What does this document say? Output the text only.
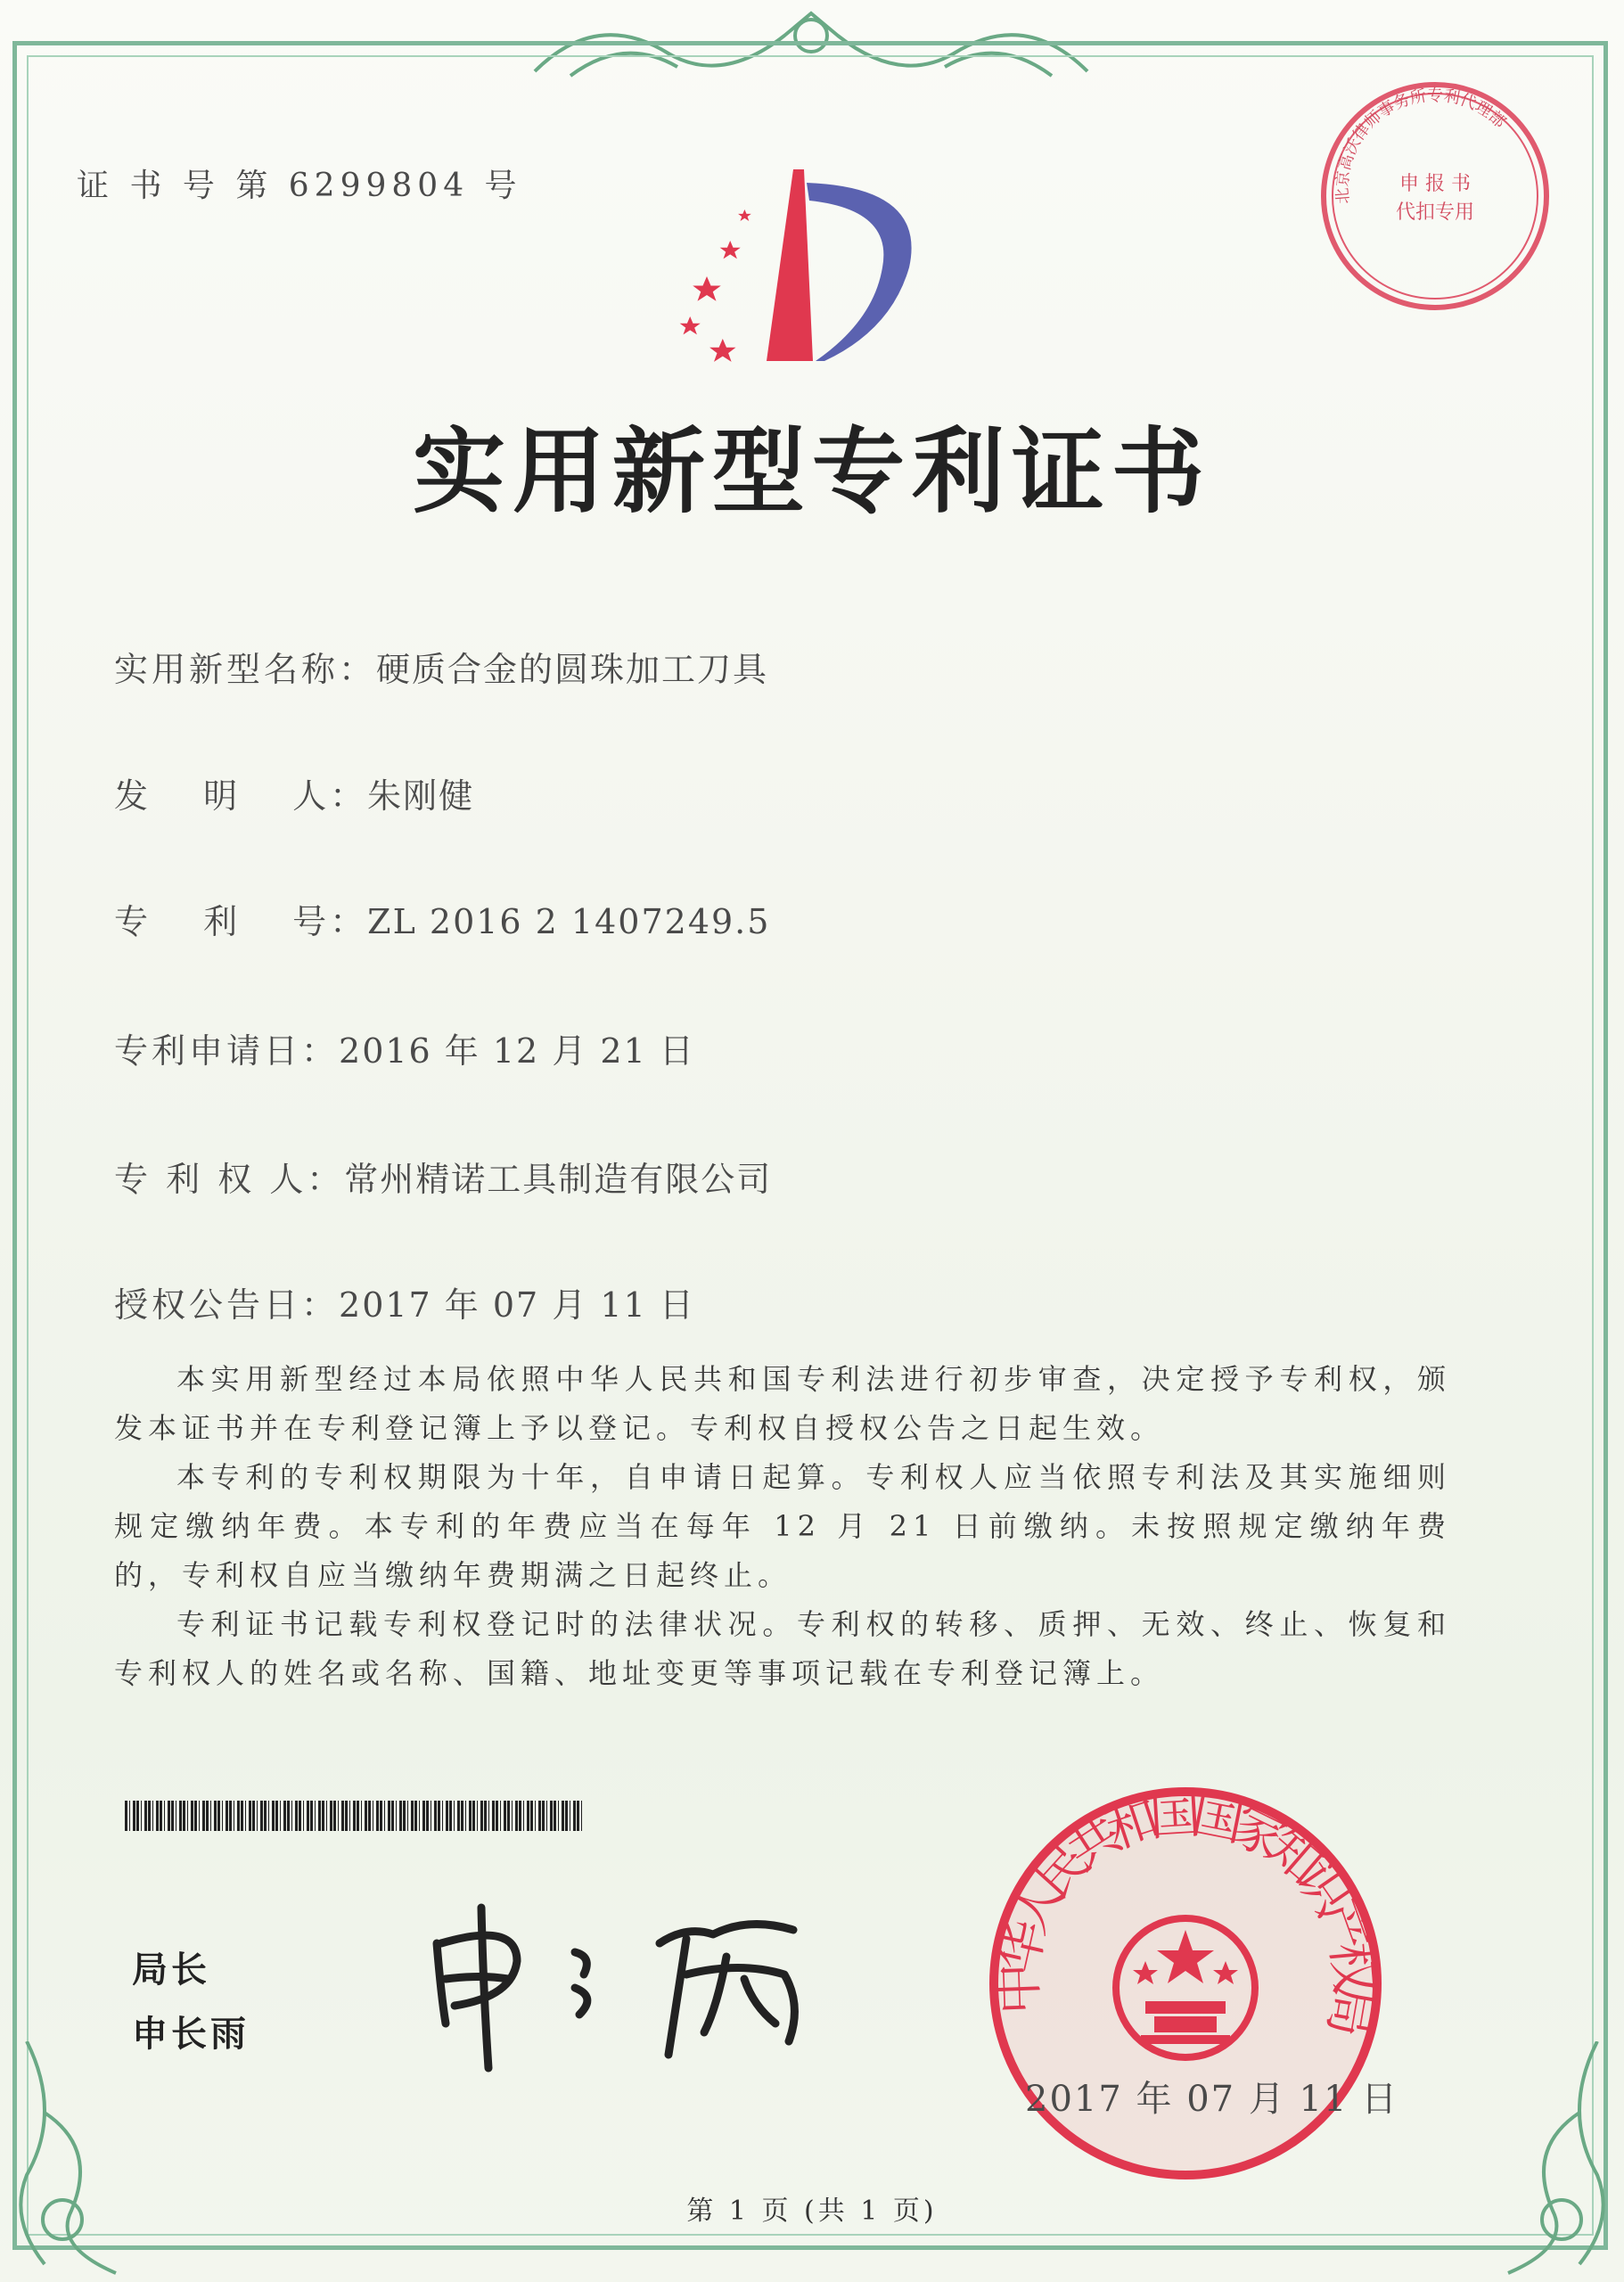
证 书 号 第 6299804 号	北京高沃律师事务所专利代理部
申 报 书
代扣专用
实用新型专利证书
实用新型名称：硬质合金的圆珠加工刀具
发　 明　 人：朱刚健
专　 利　 号：ZL 2016 2 1407249.5
专利申请日：2016 年 12 月 21 日
专 利 权 人：常州精诺工具制造有限公司
授权公告日：2017 年 07 月 11 日

本实用新型经过本局依照中华人民共和国专利法进行初步审查，决定授予专利权，颁发本证书并在专利登记簿上予以登记。专利权自授权公告之日起生效。

本专利的专利权期限为十年，自申请日起算。专利权人应当依照专利法及其实施细则规定缴纳年费。本专利的年费应当在每年 12 月 21 日前缴纳。未按照规定缴纳年费的，专利权自应当缴纳年费期满之日起终止。

专利证书记载专利权登记时的法律状况。专利权的转移、质押、无效、终止、恢复和专利权人的姓名或名称、国籍、地址变更等事项记载在专利登记簿上。

局长
申长雨
中华人民共和国国家知识产权局
2017 年 07 月 11 日
第 1 页 (共 1 页)
